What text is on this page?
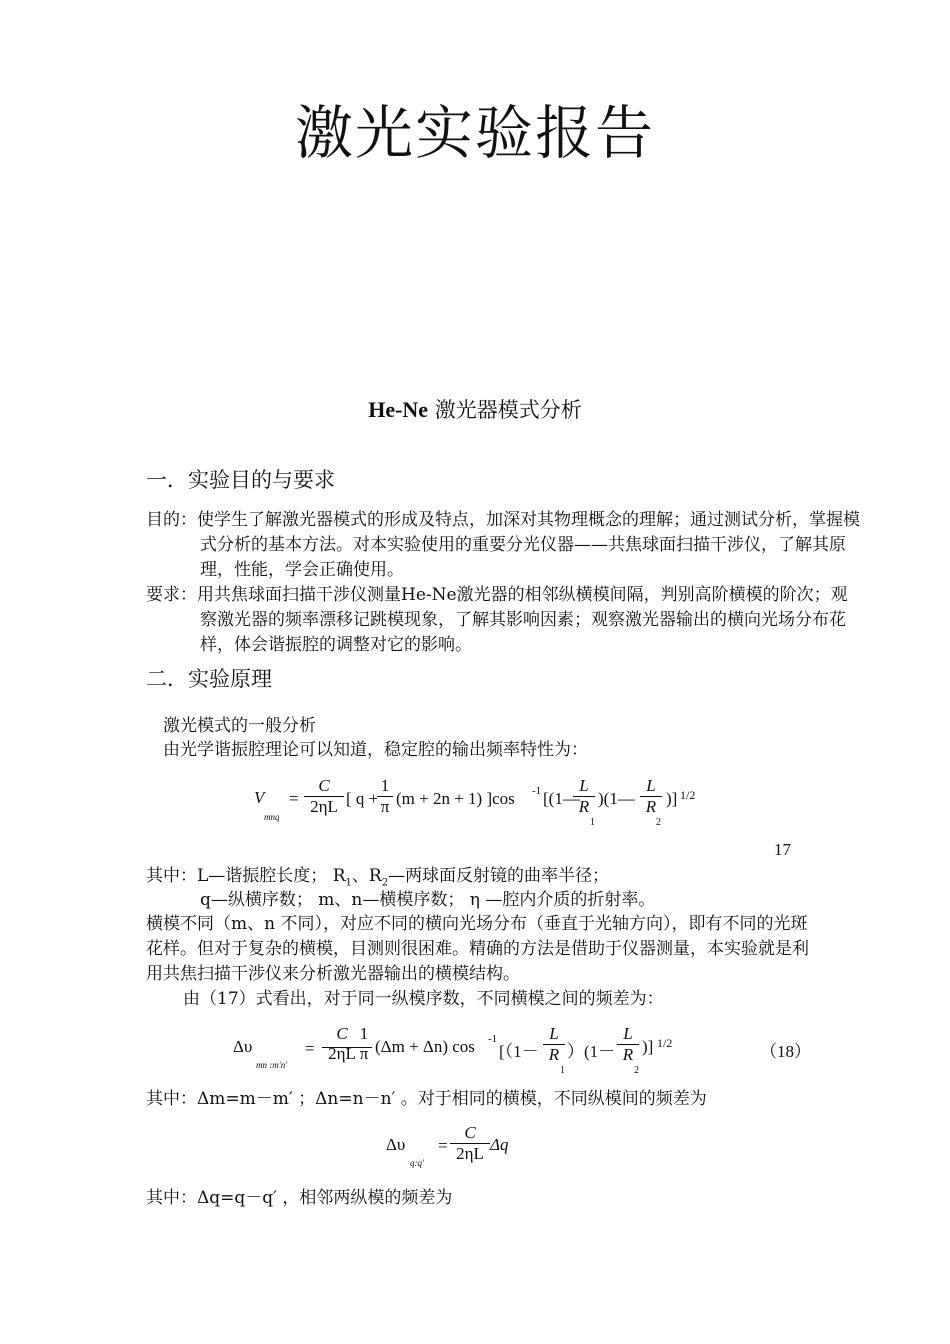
激光实验报告
He-Ne 激光器模式分析
一．实验目的与要求
目的：使学生了解激光器模式的形成及特点，加深对其物理概念的理解；通过测试分析，掌握模式分析的基本方法。对本实验使用的重要分光仪器——共焦球面扫描干涉仪，了解其原理，性能，学会正确使用。
要求：用共焦球面扫描干涉仪测量He-Ne激光器的相邻纵横模间隔，判别高阶横模的阶次；观察激光器的频率漂移记跳模现象，了解其影响因素；观察激光器输出的横向光场分布花样，体会谐振腔的调整对它的影响。
二．实验原理
激光模式的一般分析
由光学谐振腔理论可以知道，稳定腔的输出频率特性为：
V
mnq
= $\frac{C}{2\eta L}$ [ q +
$\frac{1}{\pi} (m + 2n + 1)$ ]cos -1 [(1—
$\frac{L}{R}$
1
)(1— $\frac{L}{R}$
2
)] 1/2
17
其中：L—谐振腔长度； $R_1$、$R_2—$两球面反射镜的曲率半径；
q—纵横序数； m、n—横模序数； η —腔内介质的折射率。
横模不同（m、n 不同），对应不同的横向光场分布（垂直于光轴方向），即有不同的光斑花样。但对于复杂的横模，目测则很困难。精确的方法是借助于仪器测量，本实验就是利用共焦扫描干涉仪来分析激光器输出的横模结构。
由（17）式看出，对于同一纵模序数，不同横模之间的频差为：
Δυ
mn :m′n′
=
C
2ηL
1
π (Δm + Δn) cos -1
[（$1- \frac{L}{R}$
1
）($1- \frac{L}{R}$
2
)] 1/2	（18）
其中：Δm=m－m′ ；Δn=n－n′ 。对于相同的横模，不同纵模间的频差为
Δυ
q:q′
= $\frac{C}{2\eta L}$ Δq
其中：Δq=q－q′ ，相邻两纵模的频差为
